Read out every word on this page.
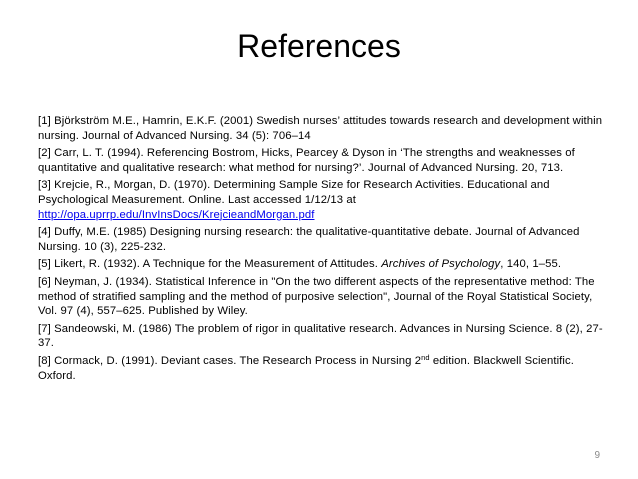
References

[1] Björkström M.E., Hamrin, E.K.F. (2001) Swedish nurses’ attitudes towards research and development within nursing. Journal of Advanced Nursing. 34 (5): 706–14

[2] Carr, L. T. (1994). Referencing Bostrom, Hicks, Pearcey & Dyson in ‘The strengths and weaknesses of quantitative and qualitative research: what method for nursing?’. Journal of Advanced Nursing. 20, 713.

[3] Krejcie, R., Morgan, D. (1970). Determining Sample Size for Research Activities. Educational and Psychological Measurement. Online. Last accessed 1/12/13 at
http://opa.uprrp.edu/InvInsDocs/KrejcieandMorgan.pdf

[4] Duffy, M.E. (1985) Designing nursing research: the qualitative-quantitative debate. Journal of Advanced Nursing. 10 (3), 225-232.

[5] Likert, R. (1932). A Technique for the Measurement of Attitudes. Archives of Psychology, 140, 1–55.

[6] Neyman, J. (1934). Statistical Inference in "On the two different aspects of the representative method: The method of stratified sampling and the method of purposive selection", Journal of the Royal Statistical Society, Vol. 97 (4), 557–625. Published by Wiley.

[7] Sandeowski, M. (1986) The problem of rigor in qualitative research. Advances in Nursing Science. 8 (2), 27-37.

[8] Cormack, D. (1991). Deviant cases. The Research Process in Nursing 2nd edition. Blackwell Scientific. Oxford.

9
